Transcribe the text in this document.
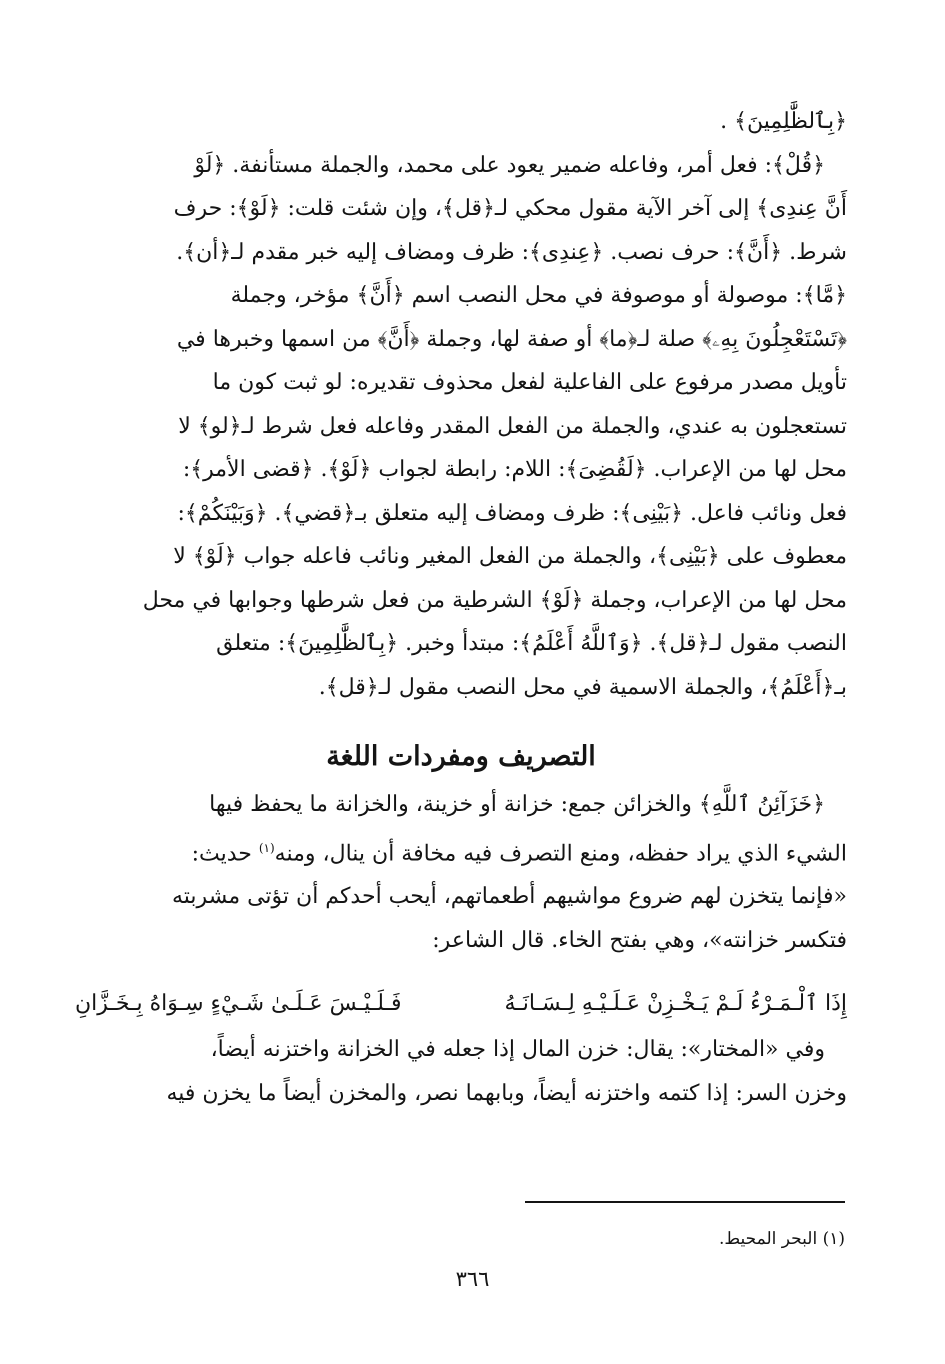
﴿بِٱلظَّٰلِمِينَ﴾ .
﴿قُلْ﴾: فعل أمر، وفاعله ضمير يعود على محمد، والجملة مستأنفة. ﴿لَوْ
أَنَّ عِندِى﴾ إلى آخر الآية مقول محكي لـ﴿قل﴾، وإن شئت قلت: ﴿لَوْ﴾: حرف
شرط. ﴿أَنَّ﴾: حرف نصب. ﴿عِندِى﴾: ظرف ومضاف إليه خبر مقدم لـ﴿أن﴾.
﴿مَّا﴾: موصولة أو موصوفة في محل النصب اسم ﴿أَنَّ﴾ مؤخر، وجملة
﴿تَسْتَعْجِلُونَ بِهِۦ﴾ صلة لـ﴿ما﴾ أو صفة لها، وجملة ﴿أَنَّ﴾ من اسمها وخبرها في
تأويل مصدر مرفوع على الفاعلية لفعل محذوف تقديره: لو ثبت كون ما
تستعجلون به عندي، والجملة من الفعل المقدر وفاعله فعل شرط لـ﴿لو﴾ لا
محل لها من الإعراب. ﴿لَقُضِىَ﴾: اللام: رابطة لجواب ﴿لَوْ﴾. ﴿قضى الأمر﴾:
فعل ونائب فاعل. ﴿بَيْنِى﴾: ظرف ومضاف إليه متعلق بـ﴿قضي﴾. ﴿وَبَيْنَكُمْ﴾:
معطوف على ﴿بَيْنِى﴾، والجملة من الفعل المغير ونائب فاعله جواب ﴿لَوْ﴾ لا
محل لها من الإعراب، وجملة ﴿لَوْ﴾ الشرطية من فعل شرطها وجوابها في محل
النصب مقول لـ﴿قل﴾. ﴿وَٱللَّهُ أَعْلَمُ﴾: مبتدأ وخبر. ﴿بِٱلظَّٰلِمِينَ﴾: متعلق
بـ﴿أَعْلَمُ﴾، والجملة الاسمية في محل النصب مقول لـ﴿قل﴾.
التصريف ومفردات اللغة
﴿خَزَآئِنُ ٱللَّهِ﴾ والخزائن جمع: خزانة أو خزينة، والخزانة ما يحفظ فيها
الشيء الذي يراد حفظه، ومنع التصرف فيه مخافة أن ينال، ومنه$^{(١)}$ حديث:
«فإنما يتخزن لهم ضروع مواشيهم أطعماتهم، أيحب أحدكم أن تؤتى مشربته
فتكسر خزانته»، وهي بفتح الخاء. قال الشاعر:
إِذَا ٱلْـمَـرْءُ لَـمْ يَـخْـزِنْ عَـلَـيْـهِ لِـسَـانَـهُ
فَـلَـيْـسَ عَـلَـىٰ شَـيْءٍ سِـوَاهُ بِـخَـزَّانِ
وفي «المختار»: يقال: خزن المال إذا جعله في الخزانة واختزنه أيضاً،
وخزن السر: إذا كتمه واختزنه أيضاً، وبابهما نصر، والمخزن أيضاً ما يخزن فيه
(١) البحر المحيط.
٣٦٦
